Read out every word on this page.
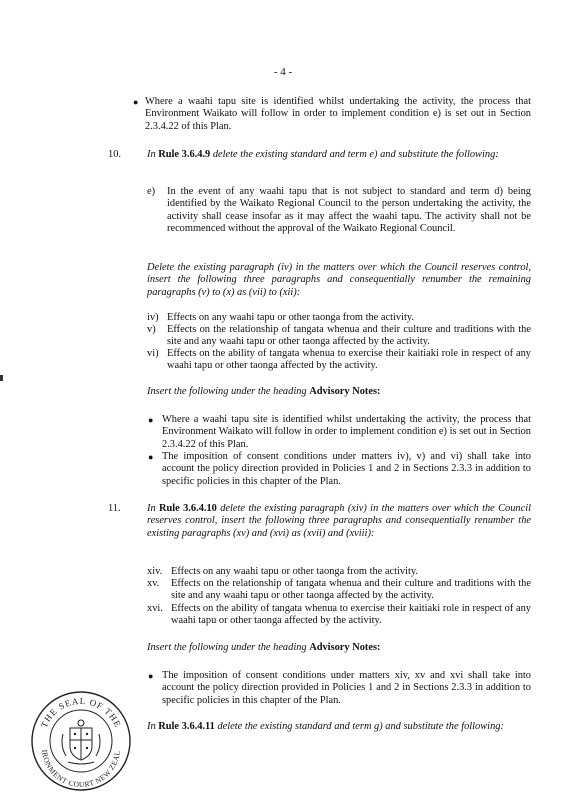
- 4 -
● Where a waahi tapu site is identified whilst undertaking the activity, the process that Environment Waikato will follow in order to implement condition e) is set out in Section 2.3.4.22 of this Plan.

10.	In Rule 3.6.4.9 delete the existing standard and term e) and substitute the following:

e) In the event of any waahi tapu that is not subject to standard and term d) being identified by the Waikato Regional Council to the person undertaking the activity, the activity shall cease insofar as it may affect the waahi tapu. The activity shall not be recommenced without the approval of the Waikato Regional Council.

Delete the existing paragraph (iv) in the matters over which the Council reserves control, insert the following three paragraphs and consequentially renumber the remaining paragraphs (v) to (x) as (vii) to (xii):

iv) Effects on any waahi tapu or other taonga from the activity.

v) Effects on the relationship of tangata whenua and their culture and traditions with the site and any waahi tapu or other taonga affected by the activity.

vi) Effects on the ability of tangata whenua to exercise their kaitiaki role in respect of any waahi tapu or other taonga affected by the activity.

Insert the following under the heading Advisory Notes:
● Where a waahi tapu site is identified whilst undertaking the activity, the process that Environment Waikato will follow in order to implement condition e) is set out in Section 2.3.4.22 of this Plan.

● The imposition of consent conditions under matters iv), v) and vi) shall take into account the policy direction provided in Policies 1 and 2 in Sections 2.3.3 in addition to specific policies in this chapter of the Plan.

11.	In Rule 3.6.4.10 delete the existing paragraph (xiv) in the matters over which the Council reserves control, insert the following three paragraphs and consequentially renumber the existing paragraphs (xv) and (xvi) as (xvii) and (xviii):

xiv. Effects on any waahi tapu or other taonga from the activity.

xv. Effects on the relationship of tangata whenua and their culture and traditions with the site and any waahi tapu or other taonga affected by the activity.

xvi. Effects on the ability of tangata whenua to exercise their kaitiaki role in respect of any waahi tapu or other taonga affected by the activity.

Insert the following under the heading Advisory Notes:
● The imposition of consent conditions under matters xiv, xv and xvi shall take into account the policy direction provided in Policies 1 and 2 in Sections 2.3.3 in addition to specific policies in this chapter of the Plan.

In Rule 3.6.4.11 delete the existing standard and term g) and substitute the following:

THE SEAL OF THE
IRONMENT COURT NEW ZEAL
